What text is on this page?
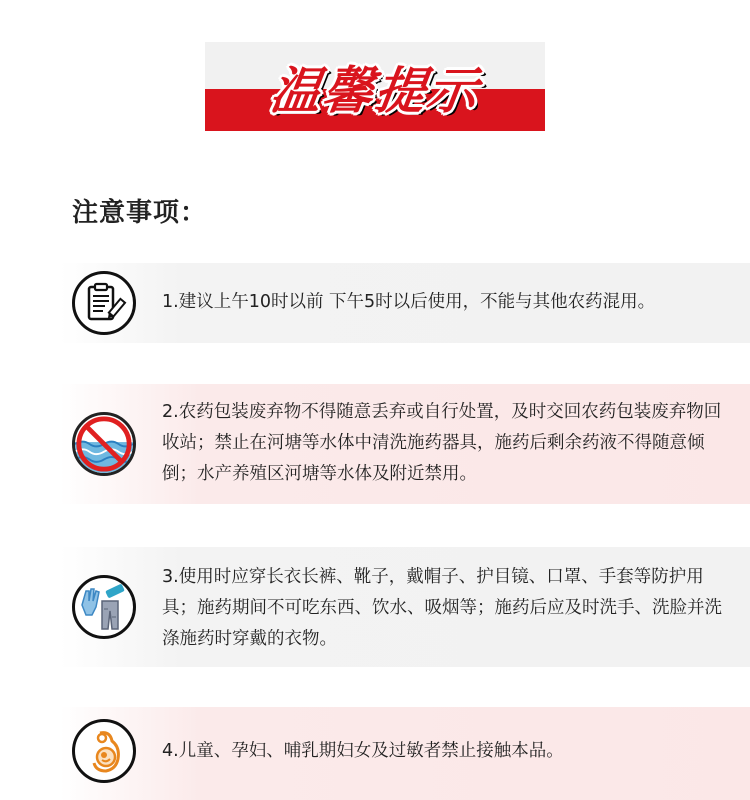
温馨提示
注意事项：
1.建议上午10时以前 下午5时以后使用，不能与其他农药混用。
2.农药包装废弃物不得随意丢弃或自行处置，及时交回农药包装废弃物回收站；禁止在河塘等水体中清洗施药器具，施药后剩余药液不得随意倾倒；水产养殖区河塘等水体及附近禁用。
3.使用时应穿长衣长裤、靴子，戴帽子、护目镜、口罩、手套等防护用具；施药期间不可吃东西、饮水、吸烟等；施药后应及时洗手、洗脸并洗涤施药时穿戴的衣物。
4.儿童、孕妇、哺乳期妇女及过敏者禁止接触本品。
